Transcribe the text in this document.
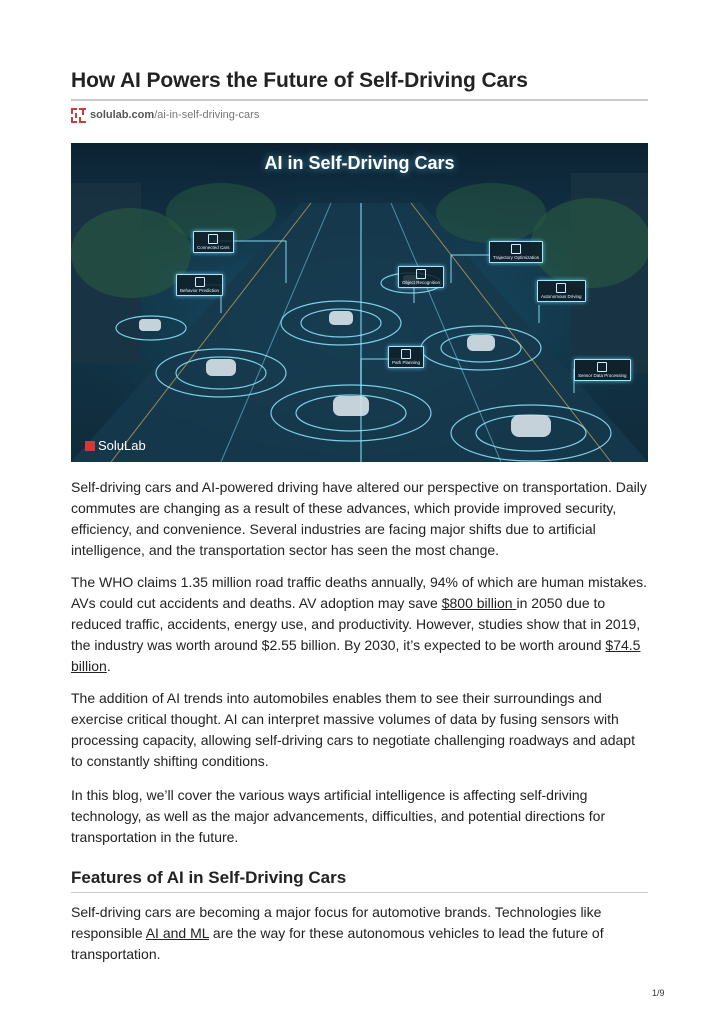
How AI Powers the Future of Self-Driving Cars
solulab.com /ai-in-self-driving-cars
AI in Self-Driving Cars
Connected Cars
Behavior Prediction
Object Recognition
Trajectory Optimization
Autonomous Driving
Path Planning
Sensor Data Processing
SoluLab

Self-driving cars and AI-powered driving have altered our perspective on transportation. Daily commutes are changing as a result of these advances, which provide improved security, efficiency, and convenience. Several industries are facing major shifts due to artificial intelligence, and the transportation sector has seen the most change.

The WHO claims 1.35 million road traffic deaths annually, 94% of which are human mistakes. AVs could cut accidents and deaths. AV adoption may save $800 billion in 2050 due to reduced traffic, accidents, energy use, and productivity. However, studies show that in 2019, the industry was worth around $2.55 billion. By 2030, it’s expected to be worth around $74.5 billion.

The addition of AI trends into automobiles enables them to see their surroundings and exercise critical thought. AI can interpret massive volumes of data by fusing sensors with processing capacity, allowing self-driving cars to negotiate challenging roadways and adapt to constantly shifting conditions.

In this blog, we’ll cover the various ways artificial intelligence is affecting self-driving technology, as well as the major advancements, difficulties, and potential directions for transportation in the future.

Features of AI in Self-Driving Cars

Self-driving cars are becoming a major focus for automotive brands. Technologies like responsible AI and ML are the way for these autonomous vehicles to lead the future of transportation.

1/9
